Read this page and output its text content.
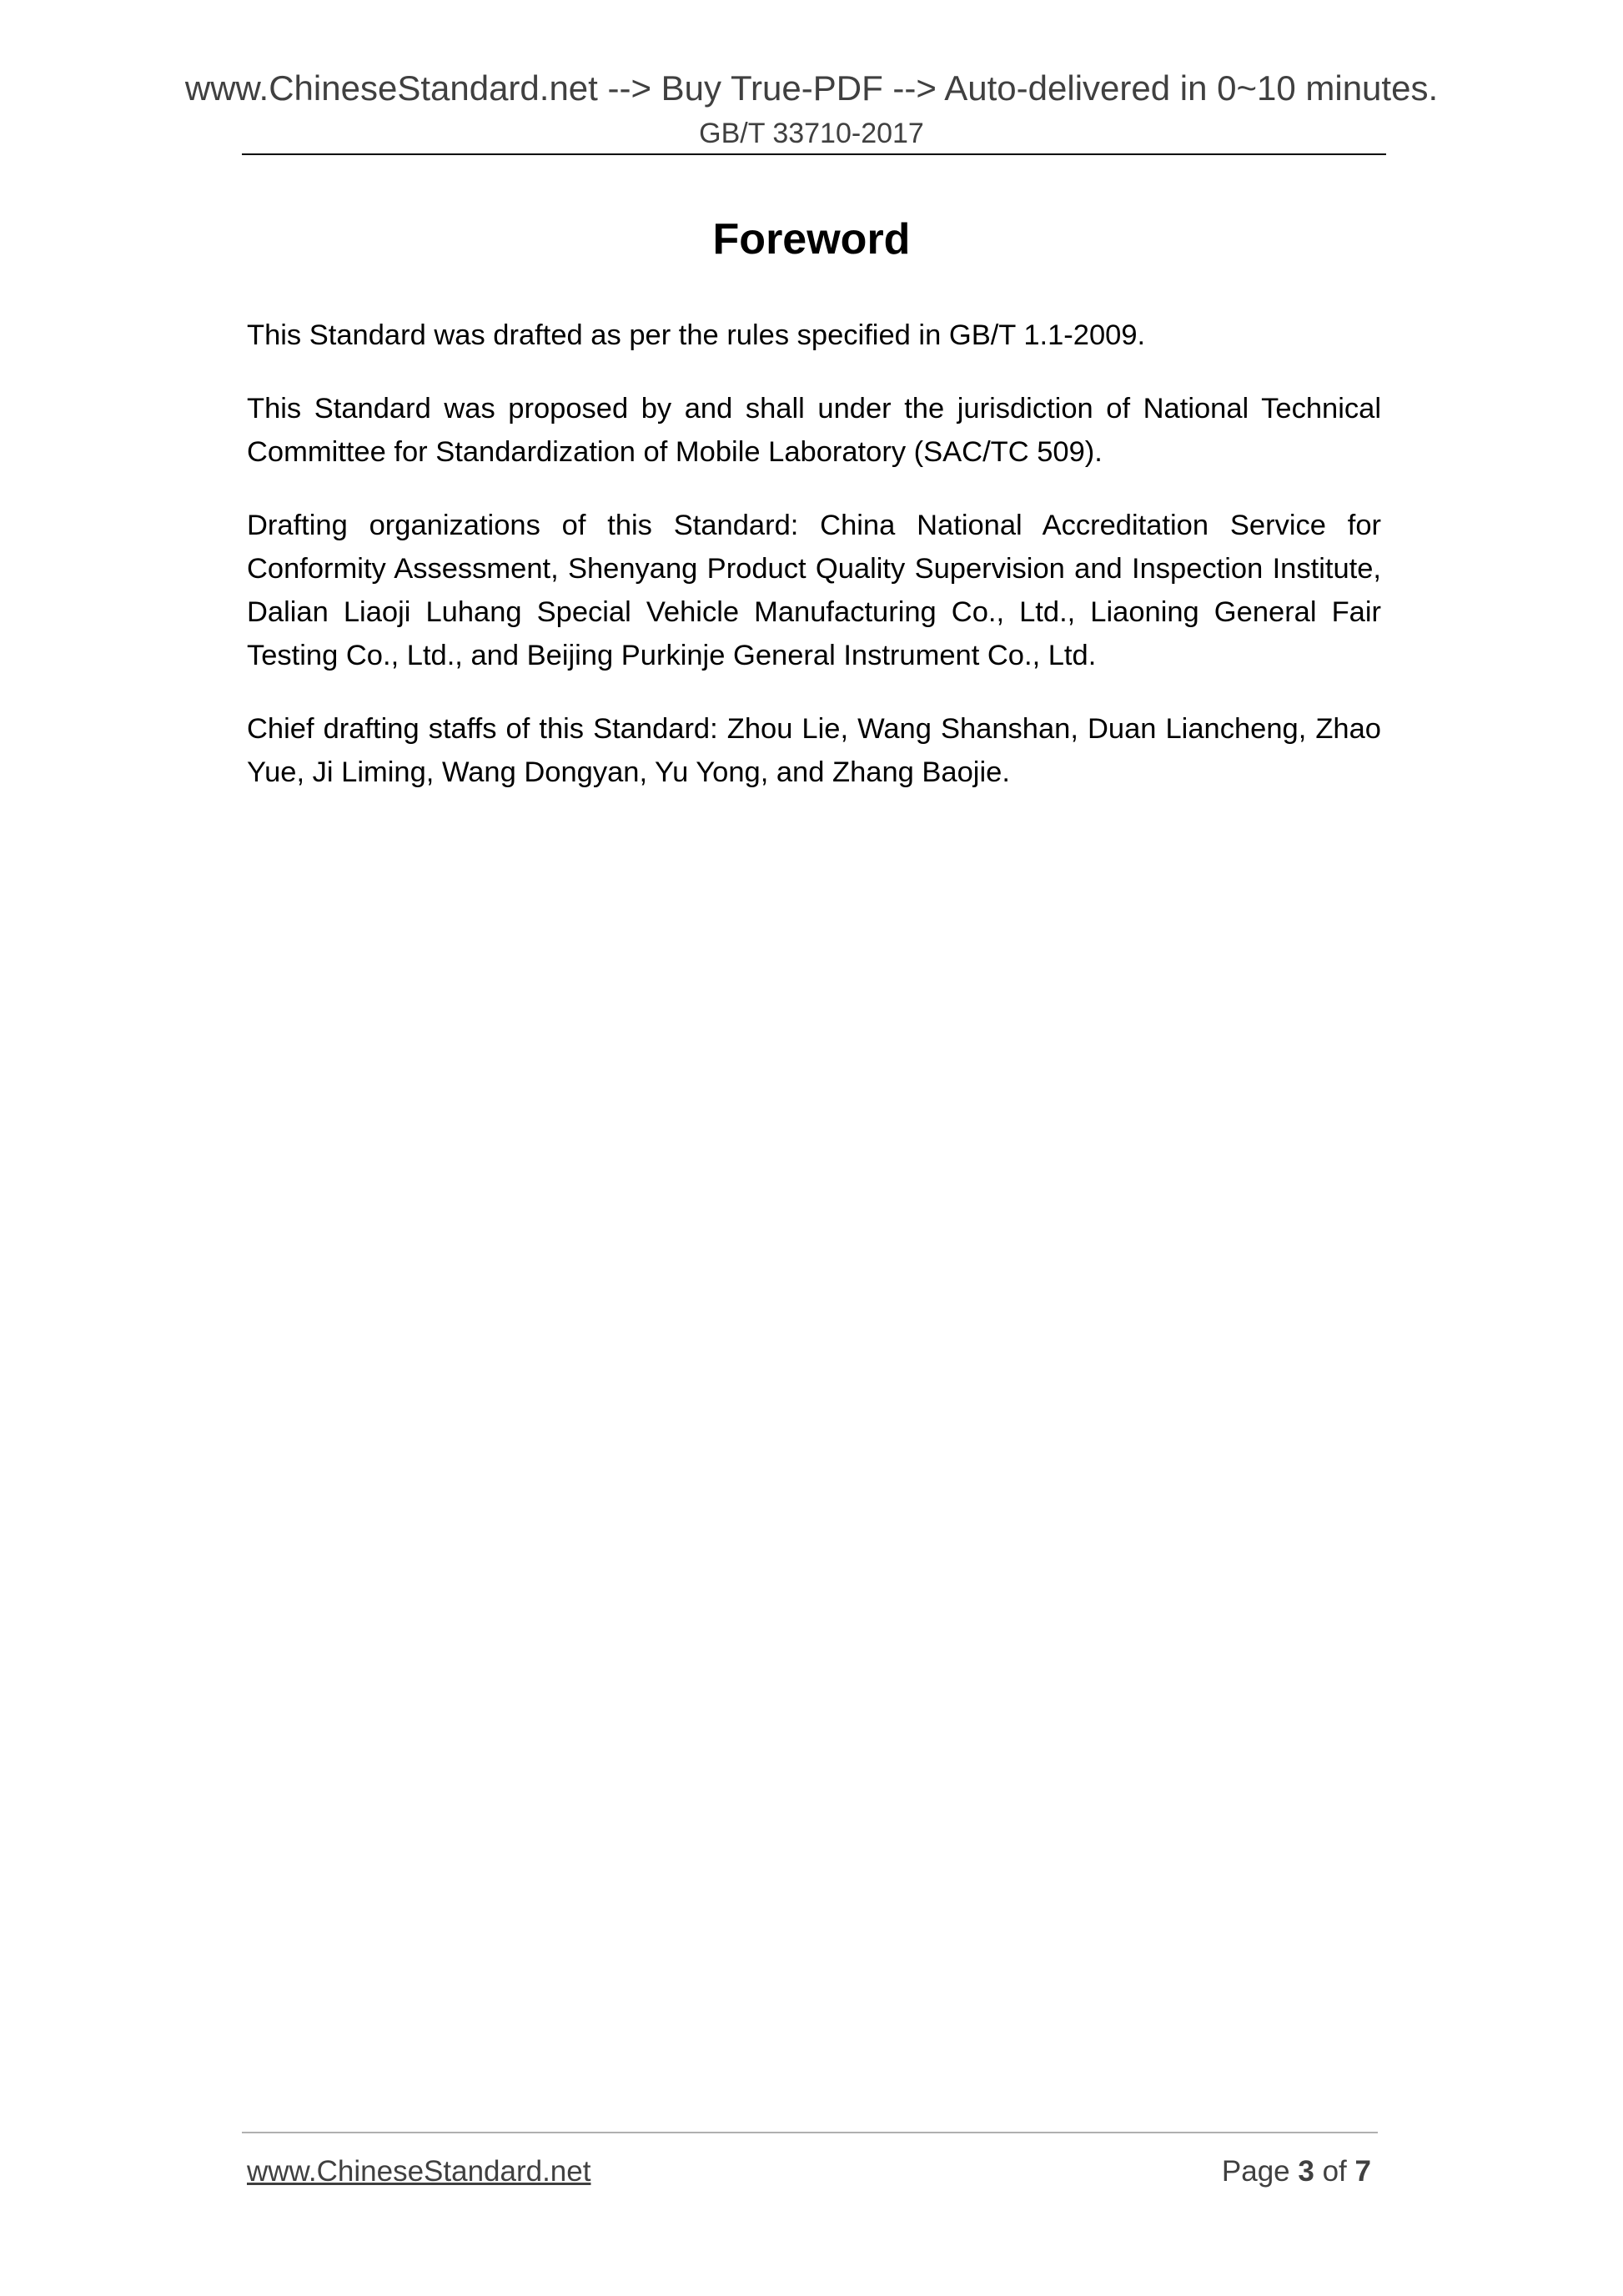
www.ChineseStandard.net --> Buy True-PDF --> Auto-delivered in 0~10 minutes.
GB/T 33710-2017
Foreword

This Standard was drafted as per the rules specified in GB/T 1.1-2009.

This Standard was proposed by and shall under the jurisdiction of National Technical Committee for Standardization of Mobile Laboratory (SAC/TC 509).

Drafting organizations of this Standard: China National Accreditation Service for Conformity Assessment, Shenyang Product Quality Supervision and Inspection Institute, Dalian Liaoji Luhang Special Vehicle Manufacturing Co., Ltd., Liaoning General Fair Testing Co., Ltd., and Beijing Purkinje General Instrument Co., Ltd.

Chief drafting staffs of this Standard: Zhou Lie, Wang Shanshan, Duan Liancheng, Zhao Yue, Ji Liming, Wang Dongyan, Yu Yong, and Zhang Baojie.

www.ChineseStandard.net	Page 3 of 7
